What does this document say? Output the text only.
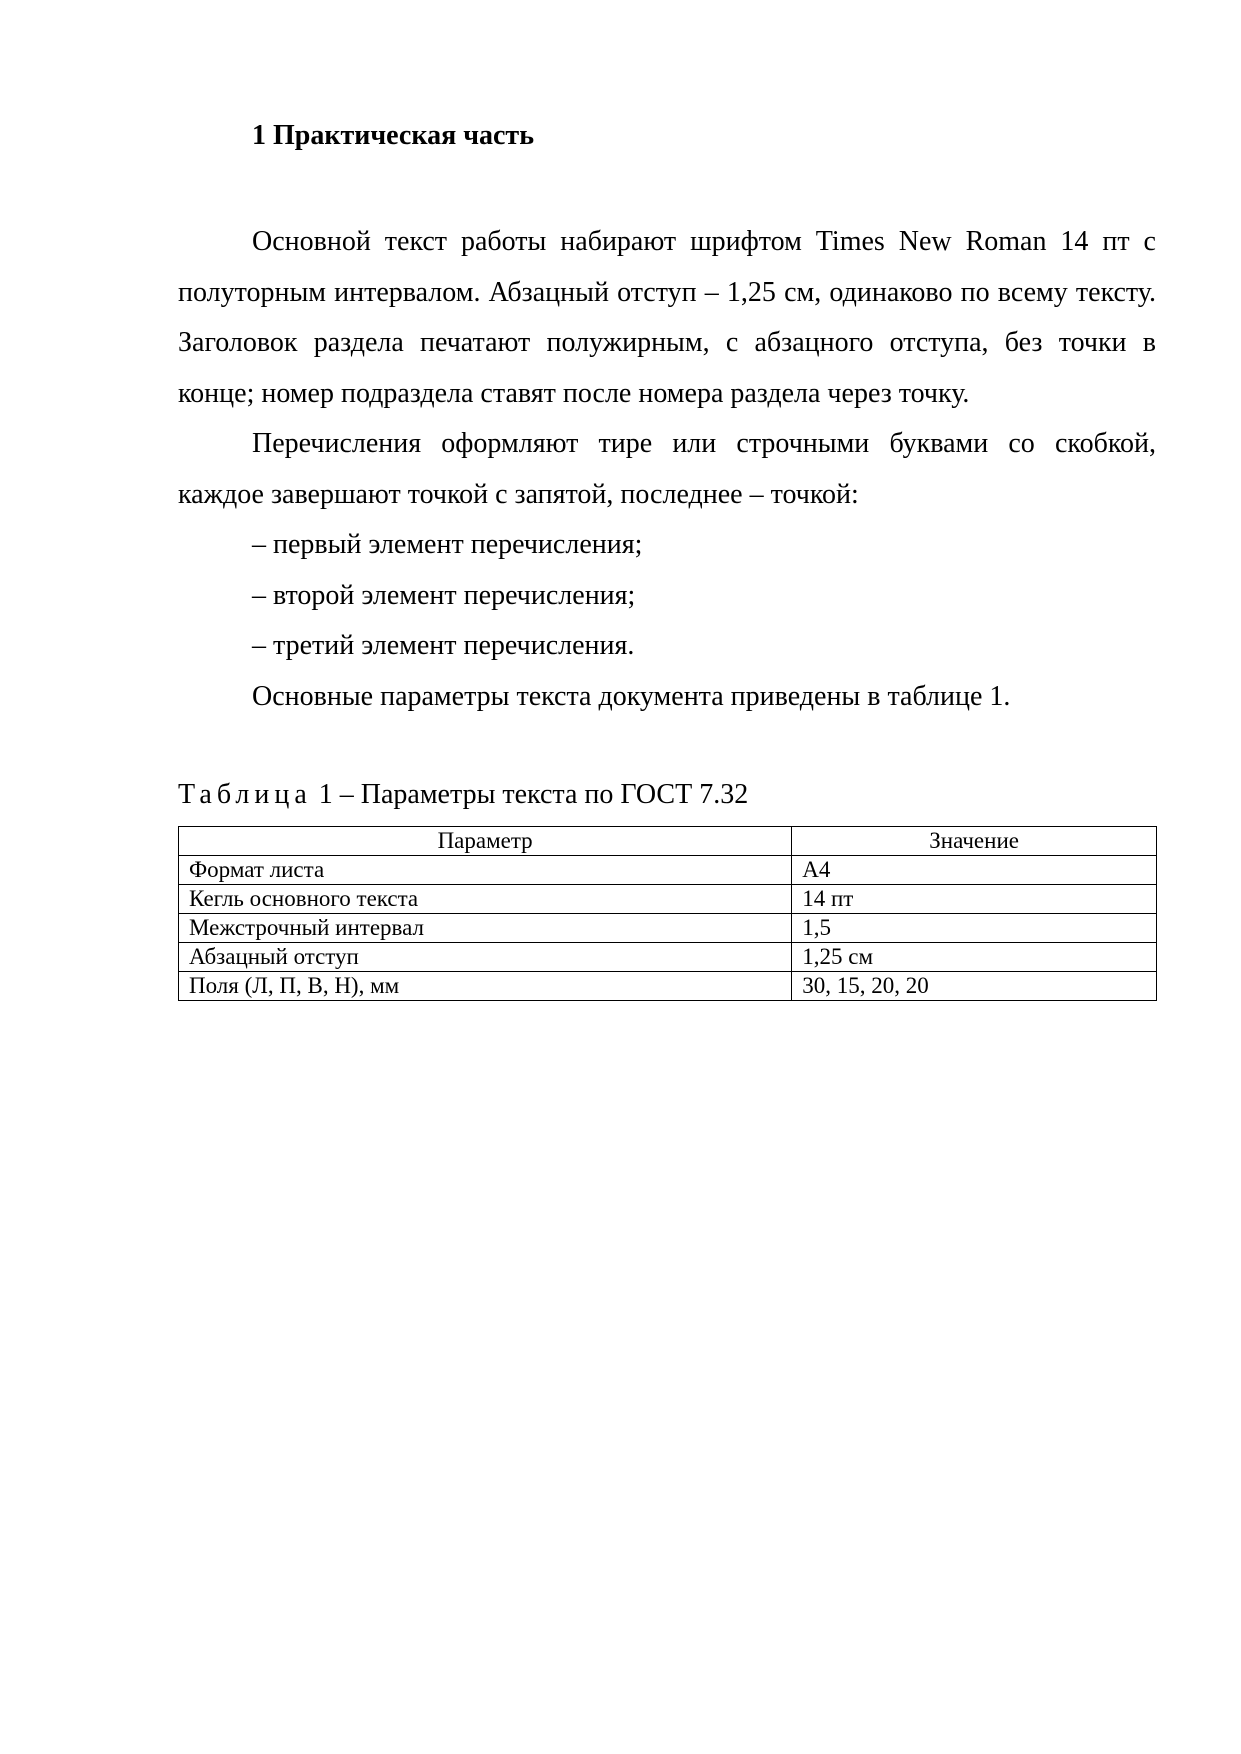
1 Практическая часть

Основной текст работы набирают шрифтом Times New Roman 14 пт с полуторным интервалом. Абзацный отступ – 1,25 см, одинаково по всему тексту. Заголовок раздела печатают полужирным, с абзацного отступа, без точки в конце; номер подраздела ставят после номера раздела через точку.

Перечисления оформляют тире или строчными буквами со скобкой, каждое завершают точкой с запятой, последнее – точкой:

– первый элемент перечисления;

– второй элемент перечисления;

– третий элемент перечисления.

Основные параметры текста документа приведены в таблице 1.

Таблица 1 – Параметры текста по ГОСТ 7.32

Параметр	Значение
Формат листа	А4
Кегль основного текста	14 пт
Межстрочный интервал	1,5
Абзацный отступ	1,25 см
Поля (Л, П, В, Н), мм	30, 15, 20, 20
